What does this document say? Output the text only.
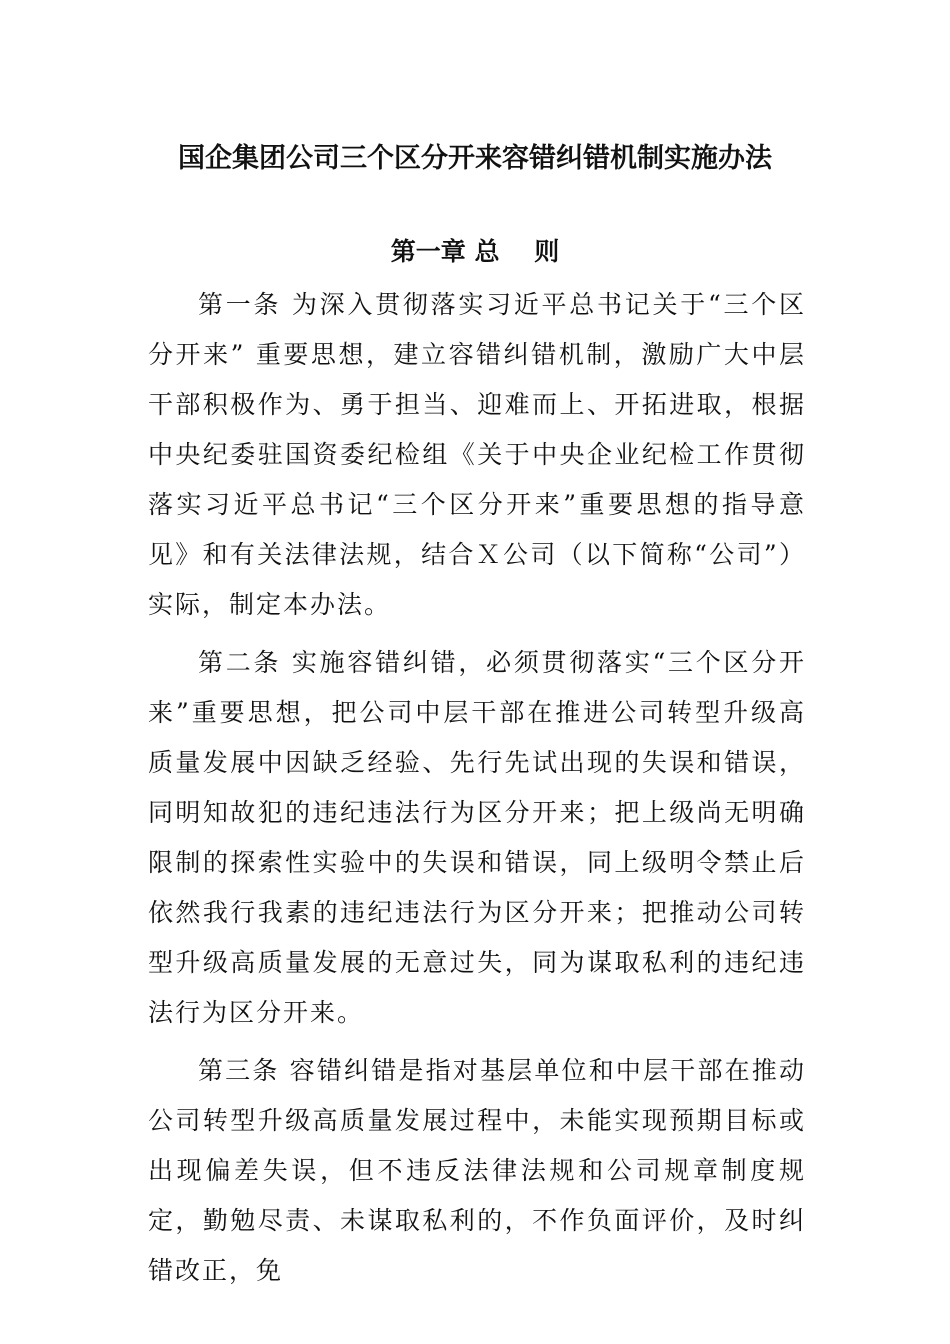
国企集团公司三个区分开来容错纠错机制实施办法
第一章 总    则

第一条 为深入贯彻落实习近平总书记关于“三个区分开来” 重要思想，建立容错纠错机制，激励广大中层干部积极作为、勇于担当、迎难而上、开拓进取，根据中央纪委驻国资委纪检组《关于中央企业纪检工作贯彻落实习近平总书记“三个区分开来”重要思想的指导意见》和有关法律法规，结合Ｘ公司（以下简称“公司”）实际，制定本办法。

第二条 实施容错纠错，必须贯彻落实“三个区分开来”重要思想，把公司中层干部在推进公司转型升级高质量发展中因缺乏经验、先行先试出现的失误和错误，同明知故犯的违纪违法行为区分开来；把上级尚无明确限制的探索性实验中的失误和错误，同上级明令禁止后依然我行我素的违纪违法行为区分开来；把推动公司转型升级高质量发展的无意过失，同为谋取私利的违纪违法行为区分开来。

第三条 容错纠错是指对基层单位和中层干部在推动公司转型升级高质量发展过程中，未能实现预期目标或出现偏差失误，但不违反法律法规和公司规章制度规定，勤勉尽责、未谋取私利的，不作负面评价，及时纠错改正，免
